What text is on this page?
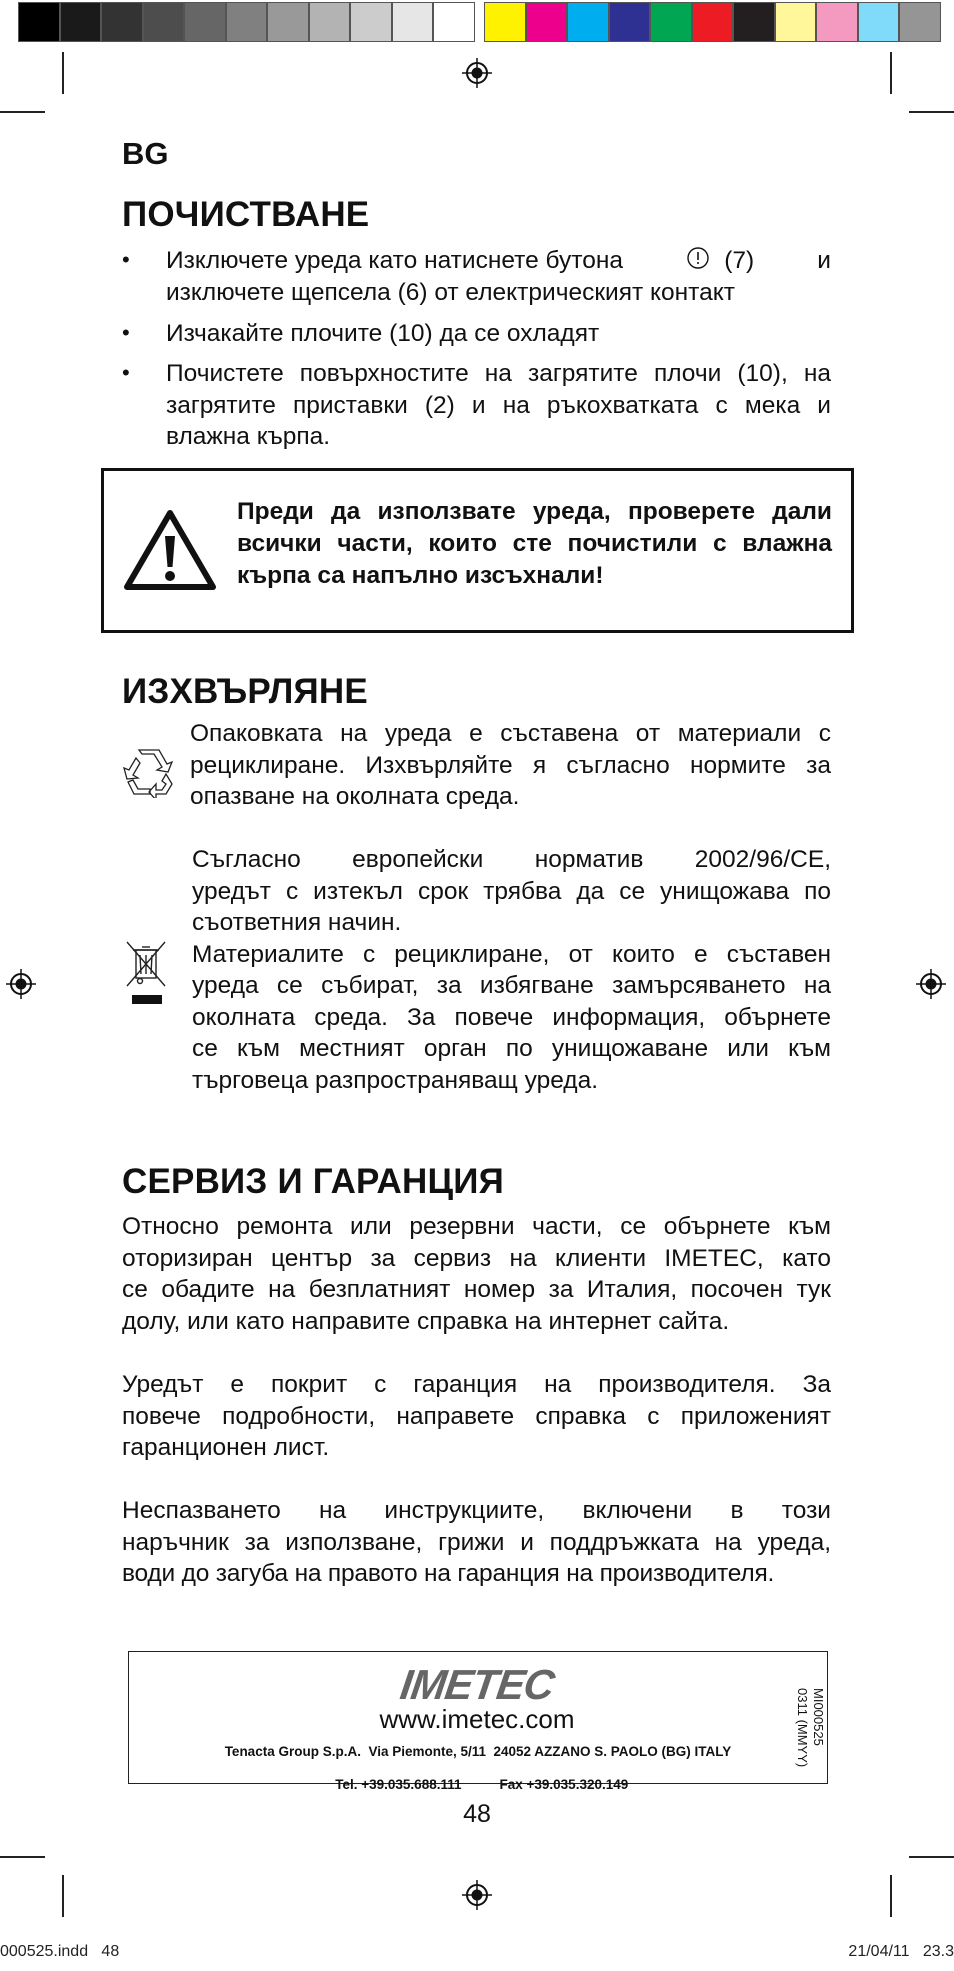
BG
ПОЧИСТВАНЕ
• Изключете уреда като натиснете бутона	(7)	и
изключете щепсела (6) от електрическият контакт
• Изчакайте плочите (10) да се охладят
• Почистете повърхностите на загрятите плочи (10), на
загрятите приставки (2) и на ръкохватката с мека и
влажна кърпа.
Преди да използвате уреда, проверете дали
всички части, които сте почистили с влажна
кърпа са напълно изсъхнали!
ИЗХВЪРЛЯНЕ
Опаковката на уреда е съставена от материали с
рециклиране. Изхвърляйте я съгласно нормите за
опазване на околната среда.
Съгласно европейски норматив 2002/96/CE,
уредът с изтекъл срок трябва да се унищожава по
съответния начин.
Материалите с рециклиране, от които е съставен
уреда се събират, за избягване замърсяването на
околната среда. За повече информация, обърнете
се към местният орган по унищожаване или към
търговеца разпространяващ уреда.
СЕРВИЗ И ГАРАНЦИЯ
Относно ремонта или резервни части, се обърнете към
оторизиран център за сервиз на клиенти IMETEC, като
се обадите на безплатният номер за Италия, посочен тук
долу, или като направите справка на интернет сайта.
Уредът е покрит с гаранция на производителя. За
повече подробности, направете справка с приложеният
гаранционен лист.
Неспазването на инструкциите, включени в този
наръчник за използване, грижи и поддръжката на уреда,
води до загуба на правото на гаранция на производителя.
IMETEC
www.imetec.com
Tenacta Group S.p.A.  Via Piemonte, 5/11  24052 AZZANO S. PAOLO (BG) ITALY

Tel. +39.035.688.111	Fax +39.035.320.149

MI000525
0311 (MMYY)
48
000525.indd   48	21/04/11   23.3
